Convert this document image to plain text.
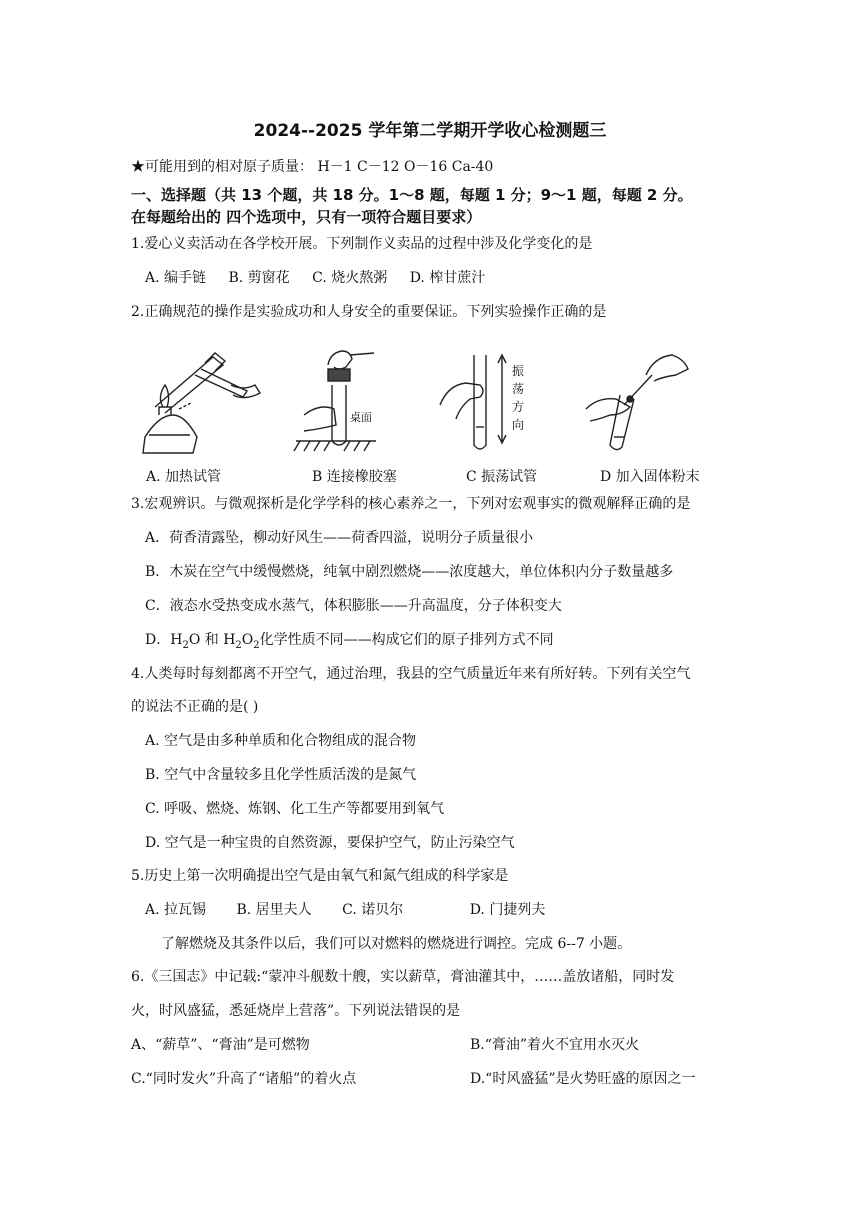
2024--2025 学年第二学期开学收心检测题三
★可能用到的相对原子质量： H－1 C－12 O－16 Ca-40
一、选择题（共 13 个题，共 18 分。1～8 题，每题 1 分；9～1 题，每题 2 分。
在每题给出的 四个选项中，只有一项符合题目要求）
1.爱心义卖活动在各学校开展。下列制作义卖品的过程中涉及化学变化的是
A. 编手链 B. 剪窗花 C. 烧火熬粥 D. 榨甘蔗汁
2.正确规范的操作是实验成功和人身安全的重要保证。下列实验操作正确的是
A. 加热试管
桌面
B 连接橡胶塞
振 荡 方 向
C 振荡试管	D 加入固体粉末
3.宏观辨识。与微观探析是化学学科的核心素养之一，下列对宏观事实的微观解释正确的是
A．荷香清露坠，柳动好风生——荷香四溢，说明分子质量很小
B．木炭在空气中缓慢燃烧，纯氧中剧烈燃烧——浓度越大，单位体积内分子数量越多
C．液态水受热变成水蒸气，体积膨胀——升高温度，分子体积变大
D．$H_2O$ 和 $H_2O_2$化学性质不同——构成它们的原子排列方式不同
4.人类每时每刻都离不开空气，通过治理，我县的空气质量近年来有所好转。下列有关空气
的说法不正确的是( )
A. 空气是由多种单质和化合物组成的混合物
B. 空气中含量较多且化学性质活泼的是氮气
C. 呼吸、燃烧、炼钢、化工生产等都要用到氧气
D. 空气是一种宝贵的自然资源，要保护空气，防止污染空气
5.历史上第一次明确提出空气是由氧气和氮气组成的科学家是
A. 拉瓦锡 B. 居里夫人 C. 诺贝尔	D. 门捷列夫
了解燃烧及其条件以后，我们可以对燃料的燃烧进行调控。完成 6--7 小题。
6.《三国志》中记载:“蒙冲斗舰数十艘，实以薪草，膏油灌其中，……盖放诸船，同时发
火，时风盛猛，悉延烧岸上营落”。下列说法错误的是
A、“薪草”、“膏油”是可燃物	B.“膏油”着火不宜用水灭火
C.“同时发火”升高了“诸船”的着火点	D.“时风盛猛”是火势旺盛的原因之一
